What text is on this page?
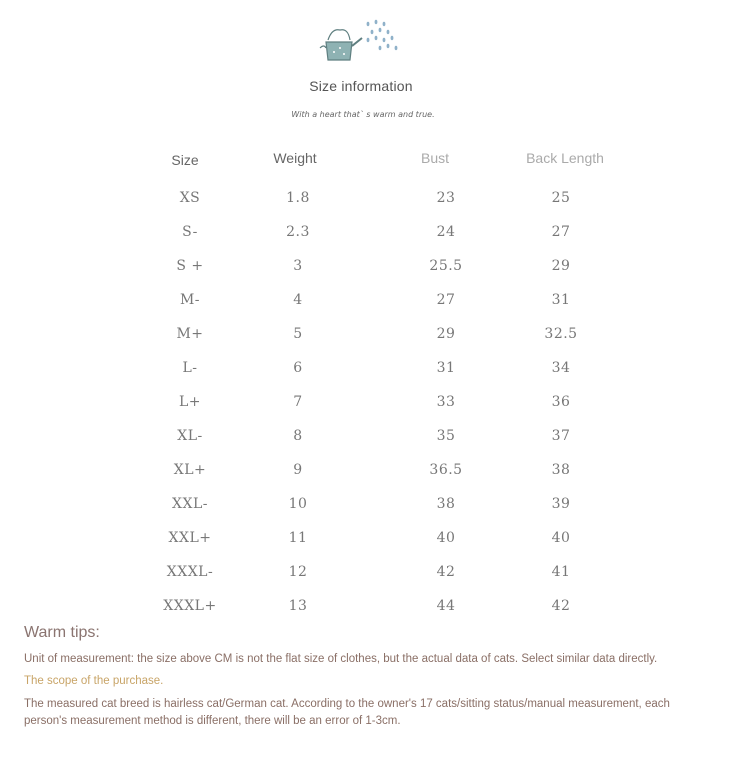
Size information
With a heart that` s warm and true.
Size	Weight	Bust	Back Length
XS	1.8	23	25
S-	2.3	24	27
S +	3	25.5	29
M-	4	27	31
M+	5	29	32.5
L-	6	31	34
L+	7	33	36
XL-	8	35	37
XL+	9	36.5	38
XXL-	10	38	39
XXL+	11	40	40
XXXL-	12	42	41
XXXL+	13	44	42
Warm tips:

Unit of measurement: the size above CM is not the flat size of clothes, but the actual data of cats. Select similar data directly.

The scope of the purchase.

The measured cat breed is hairless cat/German cat. According to the owner's 17 cats/sitting status/manual measurement, each person's measurement method is different, there will be an error of 1-3cm.
